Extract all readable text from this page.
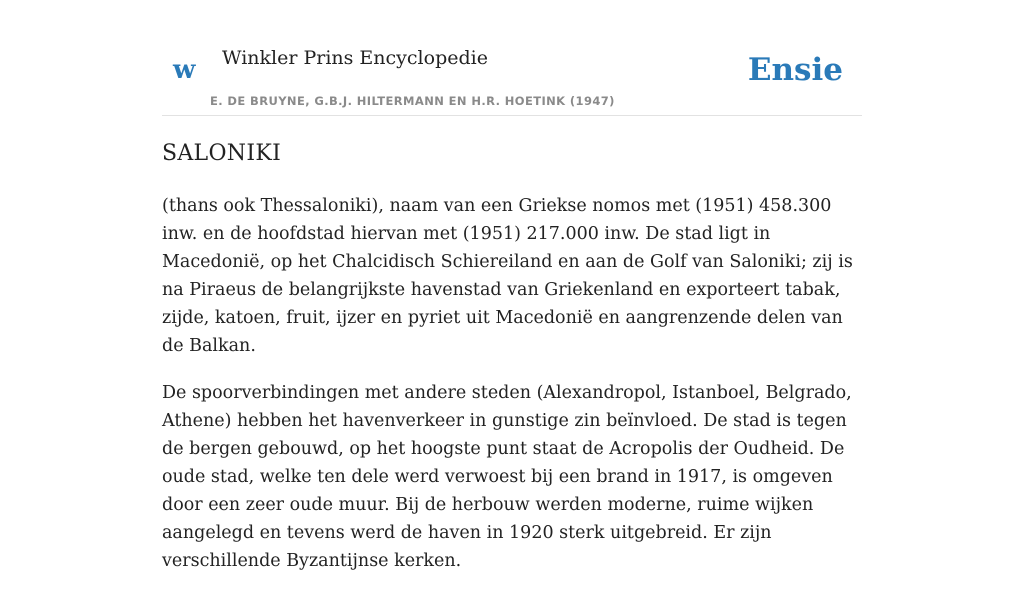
w Winkler Prins Encyclopedie
E. DE BRUYNE, G.B.J. HILTERMANN EN H.R. HOETINK (1947)
Ensie
SALONIKI

(thans ook Thessaloniki), naam van een Griekse nomos met (1951) 458.300 inw. en de hoofdstad hiervan met (1951) 217.000 inw. De stad ligt in Macedonië, op het Chalcidisch Schiereiland en aan de Golf van Saloniki; zij is na Piraeus de belangrijkste havenstad van Griekenland en exporteert tabak, zijde, katoen, fruit, ijzer en pyriet uit Macedonië en aangrenzende delen van de Balkan.

De spoorverbindingen met andere steden (Alexandropol, Istanboel, Belgrado, Athene) hebben het havenverkeer in gunstige zin beïnvloed. De stad is tegen de bergen gebouwd, op het hoogste punt staat de Acropolis der Oudheid. De oude stad, welke ten dele werd verwoest bij een brand in 1917, is omgeven door een zeer oude muur. Bij de herbouw werden moderne, ruime wijken aangelegd en tevens werd de haven in 1920 sterk uitgebreid. Er zijn verschillende Byzantijnse kerken.
